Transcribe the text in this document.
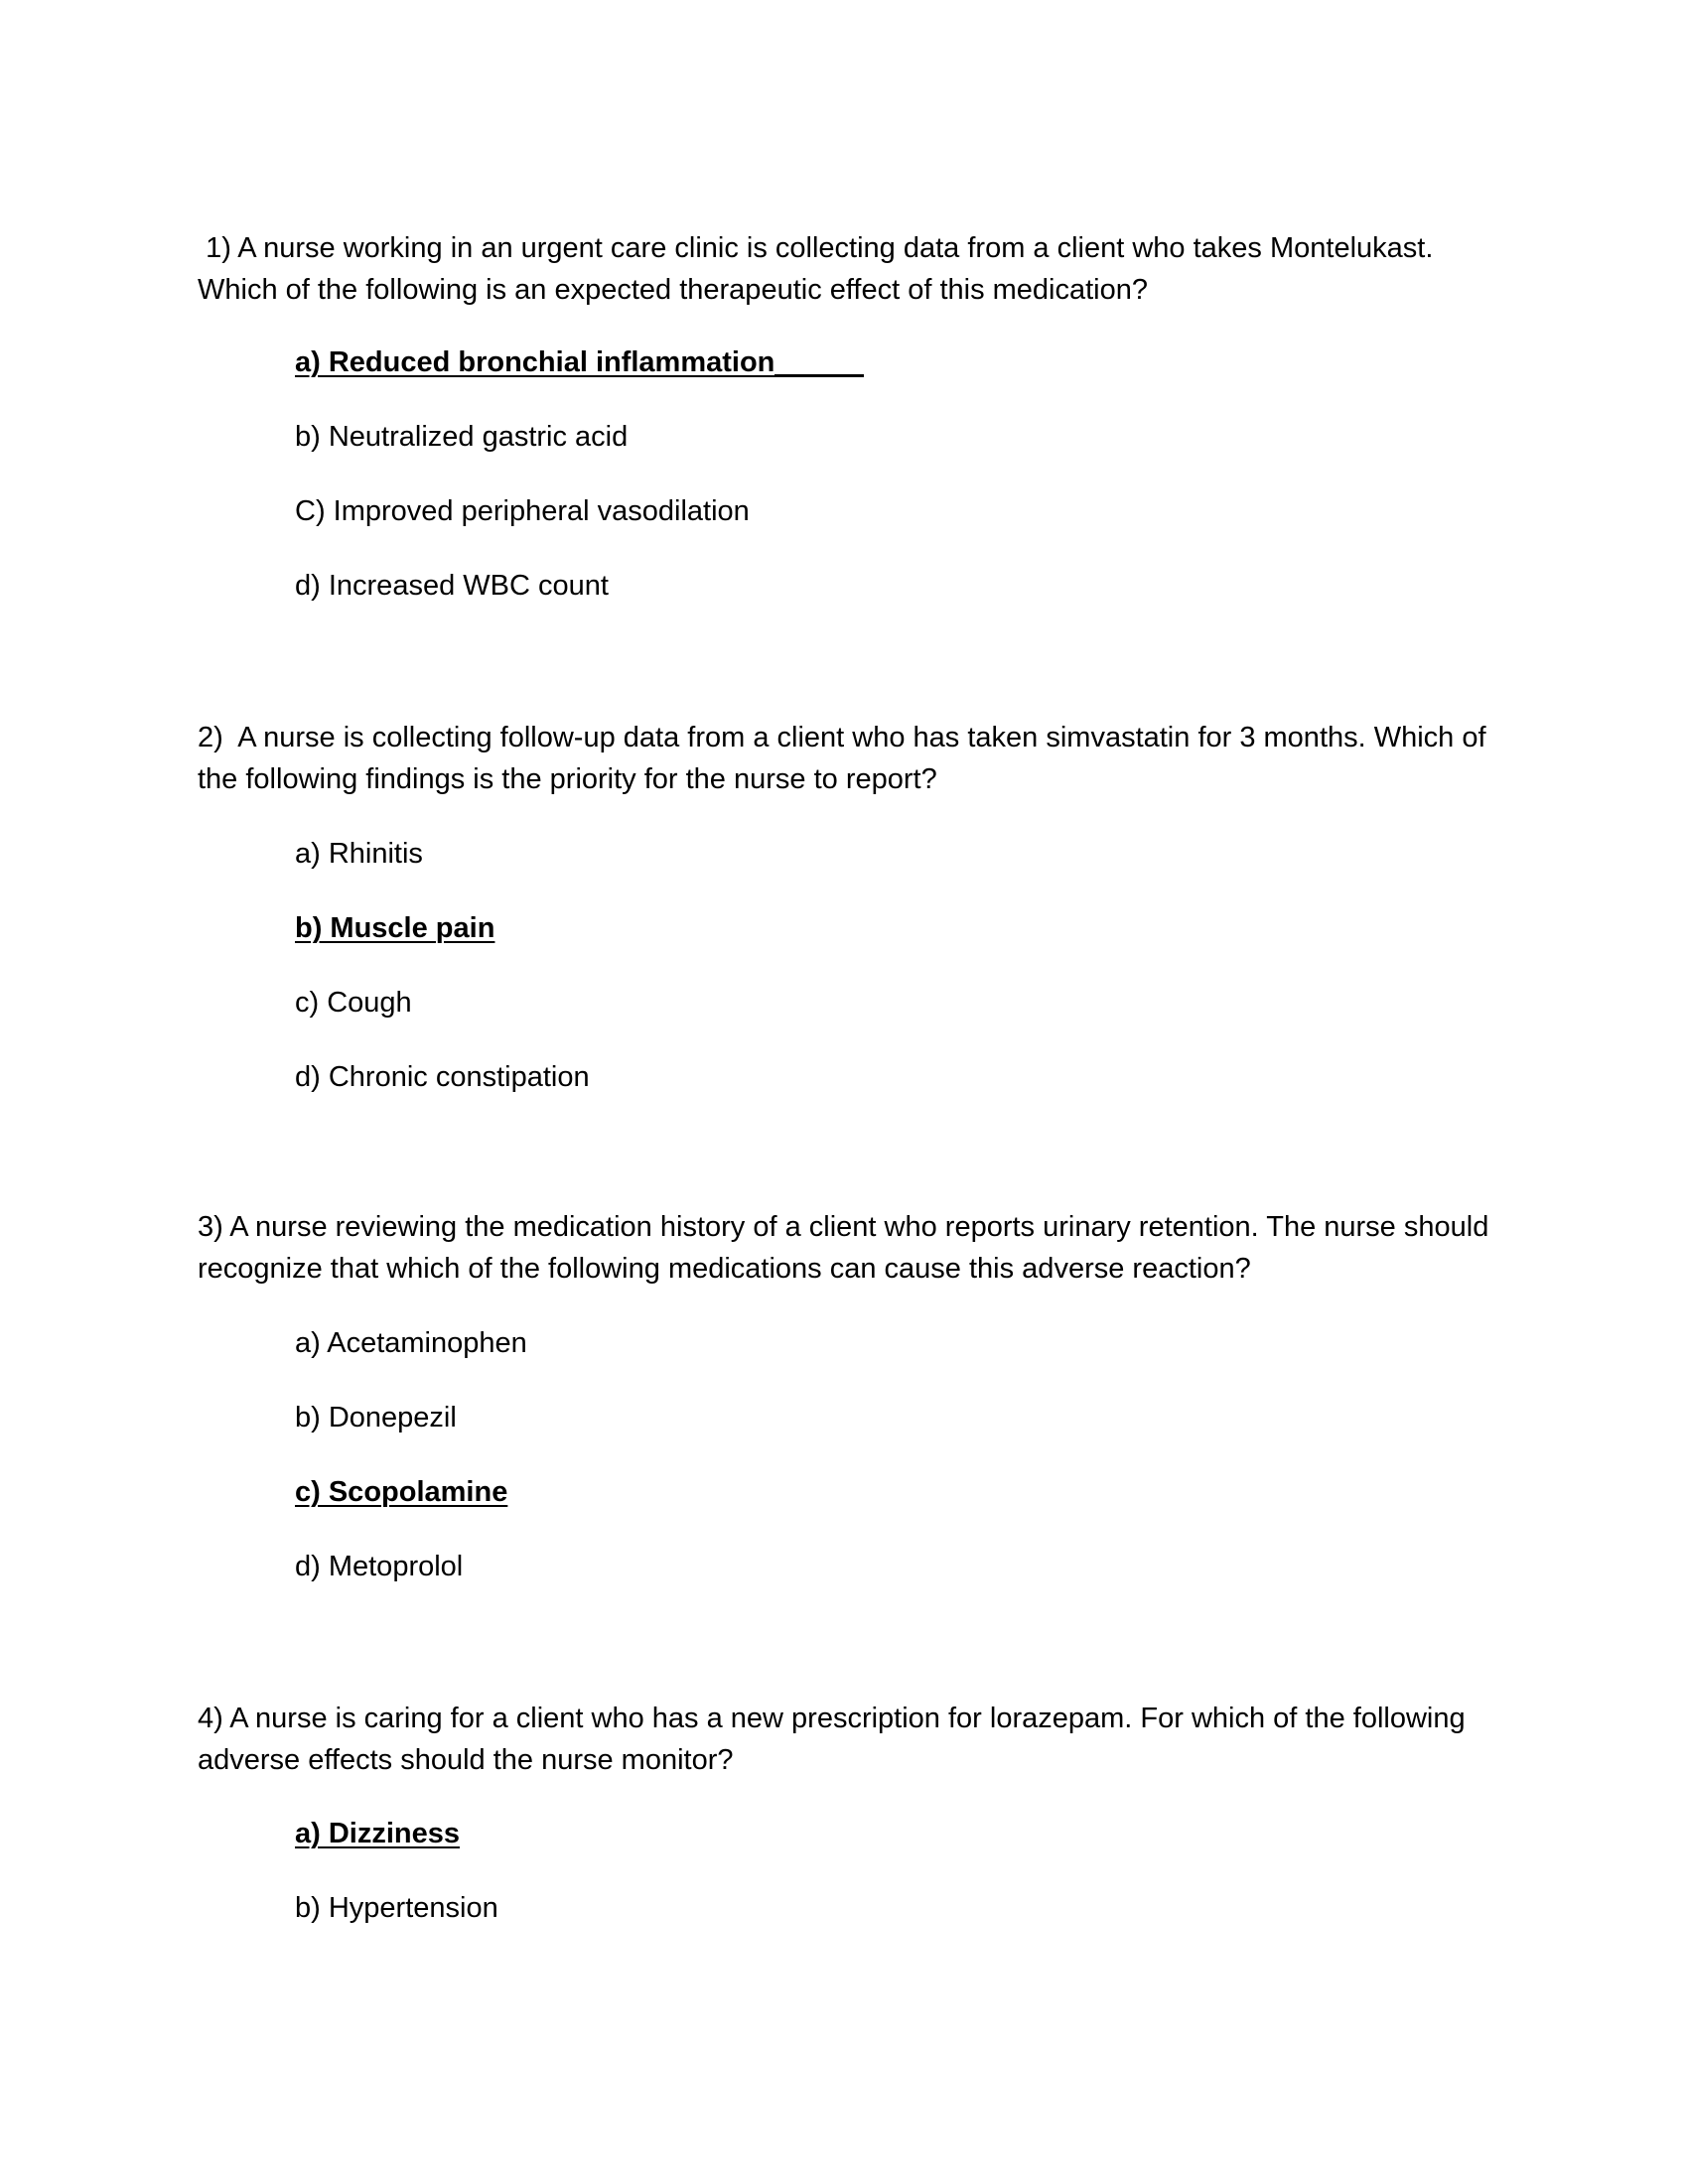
1) A nurse working in an urgent care clinic is collecting data from a client who takes Montelukast. Which of the following is an expected therapeutic effect of this medication?
a) Reduced bronchial inflammation
b) Neutralized gastric acid
C) Improved peripheral vasodilation
d) Increased WBC count
2)  A nurse is collecting follow-up data from a client who has taken simvastatin for 3 months. Which of the following findings is the priority for the nurse to report?
a) Rhinitis
b) Muscle pain
c) Cough
d) Chronic constipation
3) A nurse reviewing the medication history of a client who reports urinary retention. The nurse should recognize that which of the following medications can cause this adverse reaction?
a) Acetaminophen
b) Donepezil
c) Scopolamine
d) Metoprolol
4) A nurse is caring for a client who has a new prescription for lorazepam. For which of the following adverse effects should the nurse monitor?
a) Dizziness
b) Hypertension
